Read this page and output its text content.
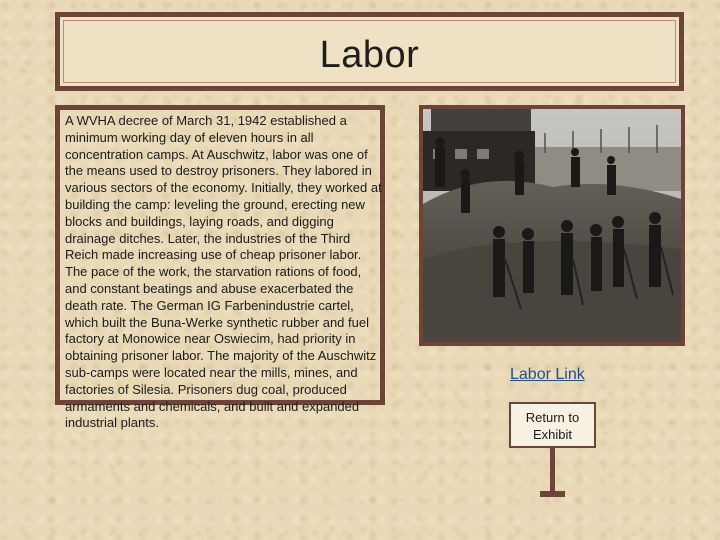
Labor

A WVHA decree of March 31, 1942 established a minimum working day of eleven hours in all concentration camps. At Auschwitz, labor was one of the means used to destroy prisoners. They labored in various sectors of the economy. Initially, they worked at building the camp: leveling the ground, erecting new blocks and buildings, laying roads, and digging drainage ditches. Later, the industries of the Third Reich made increasing use of cheap prisoner labor. The pace of the work, the starvation rations of food, and constant beatings and abuse exacerbated the death rate. The German IG Farbenindustrie cartel, which built the Buna-Werke synthetic rubber and fuel factory at Monowice near Oswiecim, had priority in obtaining prisoner labor. The majority of the Auschwitz sub-camps were located near the mills, mines, and factories of Silesia. Prisoners dug coal, produced armaments and chemicals, and built and expanded industrial plants.

Labor Link
Return to Exhibit
